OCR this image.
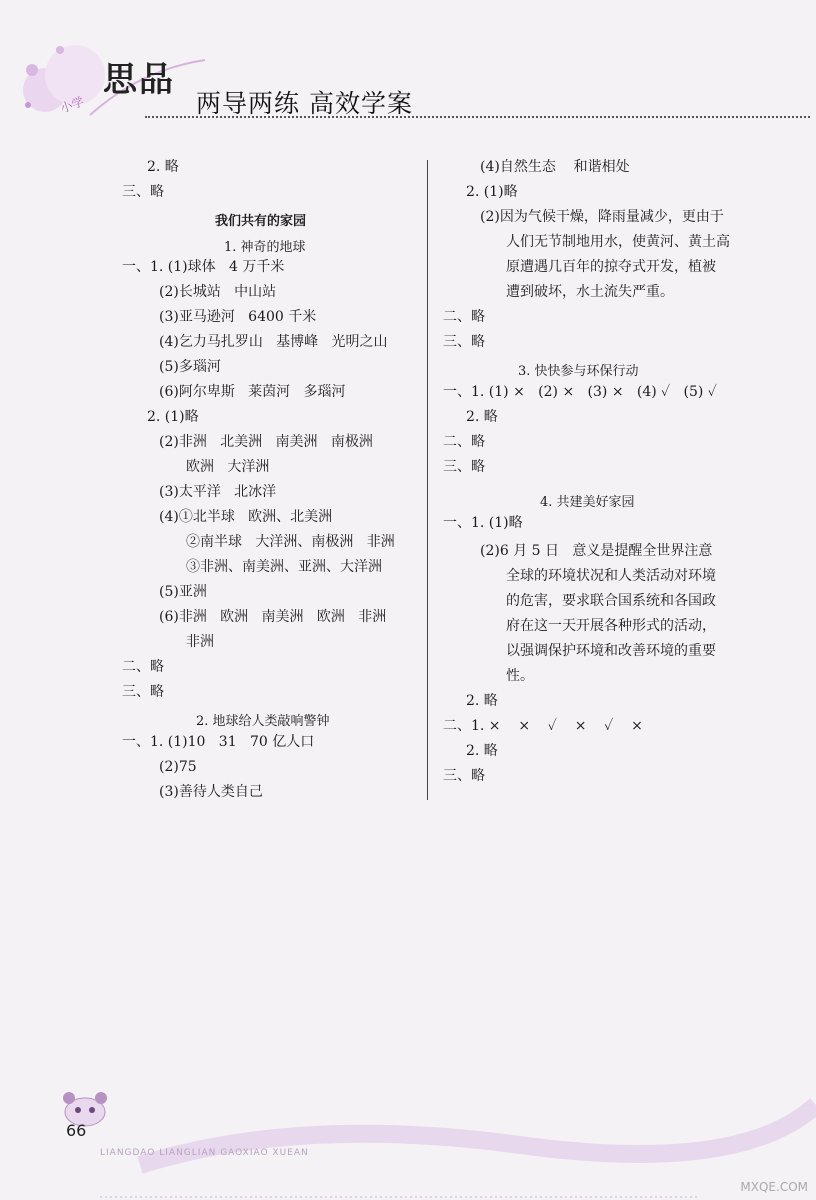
小学
思品
两导两练 高效学案
2. 略
三、略
我们共有的家园
1. 神奇的地球
一、1. (1)球体   4 万千米
(2)长城站   中山站
(3)亚马逊河   6400 千米
(4)乞力马扎罗山   基博峰   光明之山
(5)多瑙河
(6)阿尔卑斯   莱茵河   多瑙河
2. (1)略
(2)非洲   北美洲   南美洲   南极洲
欧洲   大洋洲
(3)太平洋   北冰洋
(4)①北半球   欧洲、北美洲
②南半球   大洋洲、南极洲   非洲
③非洲、南美洲、亚洲、大洋洲
(5)亚洲
(6)非洲   欧洲   南美洲   欧洲   非洲
非洲
二、略
三、略
2. 地球给人类敲响警钟
一、1. (1)10   31   70 亿人口
(2)75
(3)善待人类自己
(4)自然生态    和谐相处
2. (1)略
(2)因为气候干燥，降雨量减少，更由于
人们无节制地用水，使黄河、黄土高
原遭遇几百年的掠夺式开发，植被
遭到破坏，水土流失严重。
二、略
三、略
3. 快快参与环保行动
一、1. (1) ×   (2) ×   (3) ×   (4) ✓   (5) ✓
2. 略
二、略
三、略
4. 共建美好家园
一、1. (1)略
(2)6 月 5 日   意义是提醒全世界注意
全球的环境状况和人类活动对环境
的危害，要求联合国系统和各国政
府在这一天开展各种形式的活动，
以强调保护环境和改善环境的重要
性。
2. 略
二、1. ×    ×    ✓    ×    ✓    ×
2. 略
三、略
66
LIANGDAO LIANGLIAN GAOXIAO XUEAN
MXQE.COM
